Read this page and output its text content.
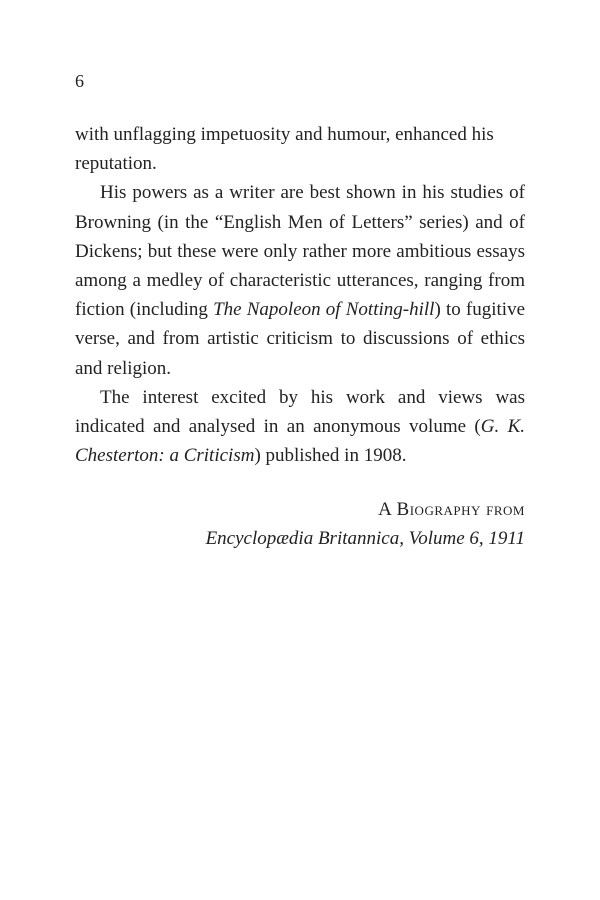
6

with unflagging impetuosity and humour, enhanced his reputation.

His powers as a writer are best shown in his studies of Browning (in the “English Men of Letters” series) and of Dickens; but these were only rather more ambitious essays among a medley of characteristic utterances, ranging from fiction (including The Napoleon of Notting-hill) to fugitive verse, and from artistic criticism to discussions of ethics and religion.

The interest excited by his work and views was indicated and analysed in an anonymous volume (G. K. Chesterton: a Criticism) published in 1908.

A Biography from
Encyclopædia Britannica, Volume 6, 1911
